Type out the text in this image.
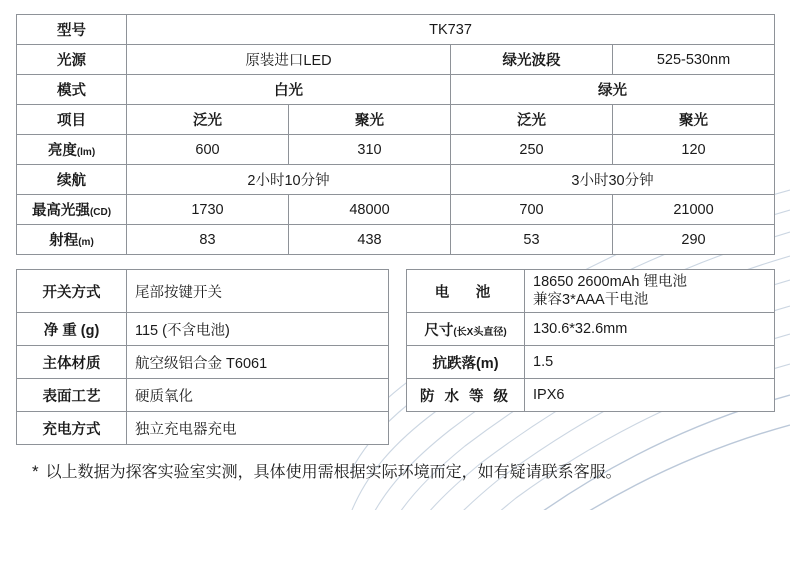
型号	TK737			
光源	原装进口LED		绿光波段	525-530nm
模式	白光		绿光	
项目	泛光	聚光	泛光	聚光
亮度(lm)	600	310	250	120
续航	2小时10分钟		3小时30分钟	
最高光强(CD)	1730	48000	700	21000
射程(m)	83	438	53	290
开关方式	尾部按键开关		电　池	18650 2600mAh 锂电池
兼容3*AAA干电池

净 重 (g)	115 (不含电池)		尺寸(长X头直径)	130.6*32.6mm
主体材质	航空级铝合金 T6061		抗跌落(m)	1.5
表面工艺	硬质氧化		防 水 等 级	IPX6
充电方式	独立充电器充电			
* 以上数据为探客实验室实测，具体使用需根据实际环境而定，如有疑请联系客服。
